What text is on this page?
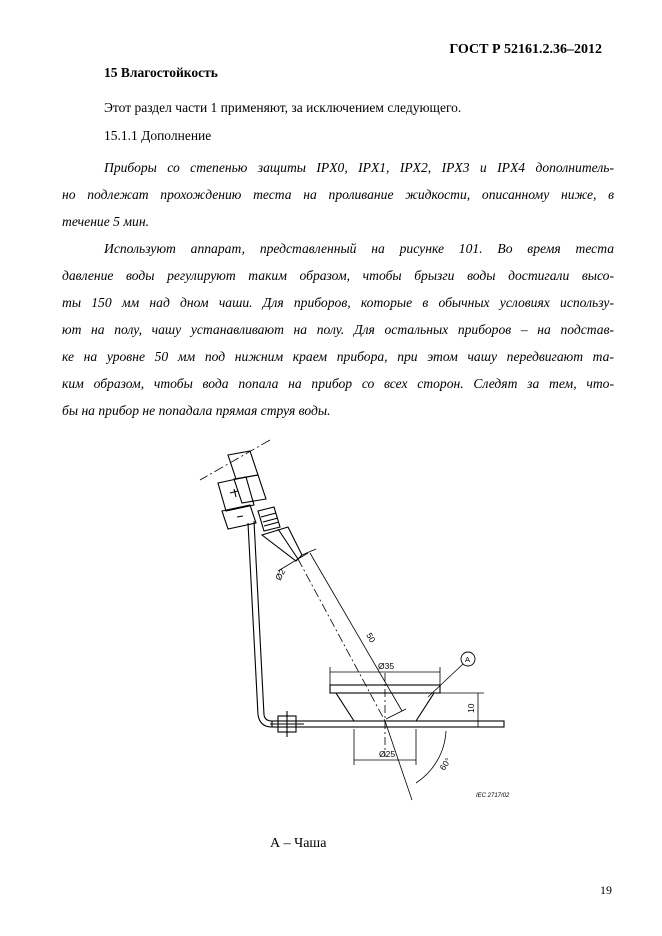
ГОСТ Р 52161.2.36–2012
15 Влагостойкость
Этот раздел части 1 применяют, за исключением следующего.
15.1.1 Дополнение
Приборы со степенью защиты IPX0, IPX1, IPX2, IPX3 и IPX4 дополнитель-
но подлежат прохождению теста на проливание жидкости, описанному ниже, в
течение 5 мин.
Используют аппарат, представленный на рисунке 101. Во время теста
давление воды регулируют таким образом, чтобы брызги воды достигали высо-
ты 150 мм над дном чаши. Для приборов, которые в обычных условиях использу-
ют на полу, чашу устанавливают на полу. Для остальных приборов – на подстав-
ке на уровне 50 мм под нижним краем прибора, при этом чашу передвигают та-
ким образом, чтобы вода попала на прибор со всех сторон. Следят за тем, что-
бы на прибор не попадала прямая струя воды.
Ø2
50
Ø35
Ø25
10
60°
A
IEC 2717/02
А – Чаша
19
